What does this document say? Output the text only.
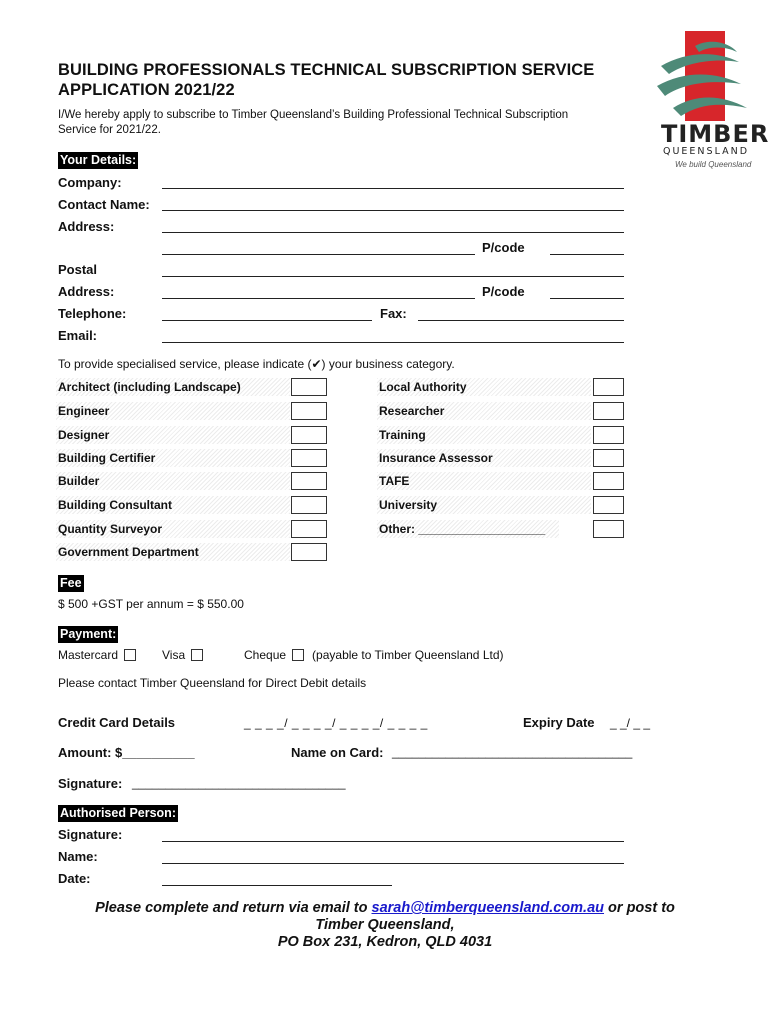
TIMBER
QUEENSLAND
We build Queensland
BUILDING PROFESSIONALS TECHNICAL SUBSCRIPTION SERVICE
APPLICATION 2021/22
I/We hereby apply to subscribe to Timber Queensland’s Building Professional Technical Subscription
Service for 2021/22.
Your Details:
Company:
Contact Name:
Address:
P/code
Postal
Address:	P/code
Telephone:	Fax:
Email:
To provide specialised service, please indicate (✔) your business category.
Architect (including Landscape)
Engineer
Designer
Building Certifier
Builder
Building Consultant
Quantity Surveyor
Government Department
Local Authority
Researcher
Training
Insurance Assessor
TAFE
University
Other: ___________________
Fee
$ 500 +GST per annum = $ 550.00
Payment:
Mastercard	Visa	Cheque (payable to Timber Queensland Ltd)
Please contact Timber Queensland for Direct Debit details
Credit Card Details	_ _ _ _/ _ _ _ _/ _ _ _ _/ _ _ _ _	Expiry Date _ _/ _ _
Amount: $__________	Name on Card: ____________________________________
Signature: ________________________________
Authorised Person:
Signature:
Name:
Date:
Please complete and return via email to sarah@timberqueensland.com.au or post to
Timber Queensland,
PO Box 231, Kedron, QLD 4031
